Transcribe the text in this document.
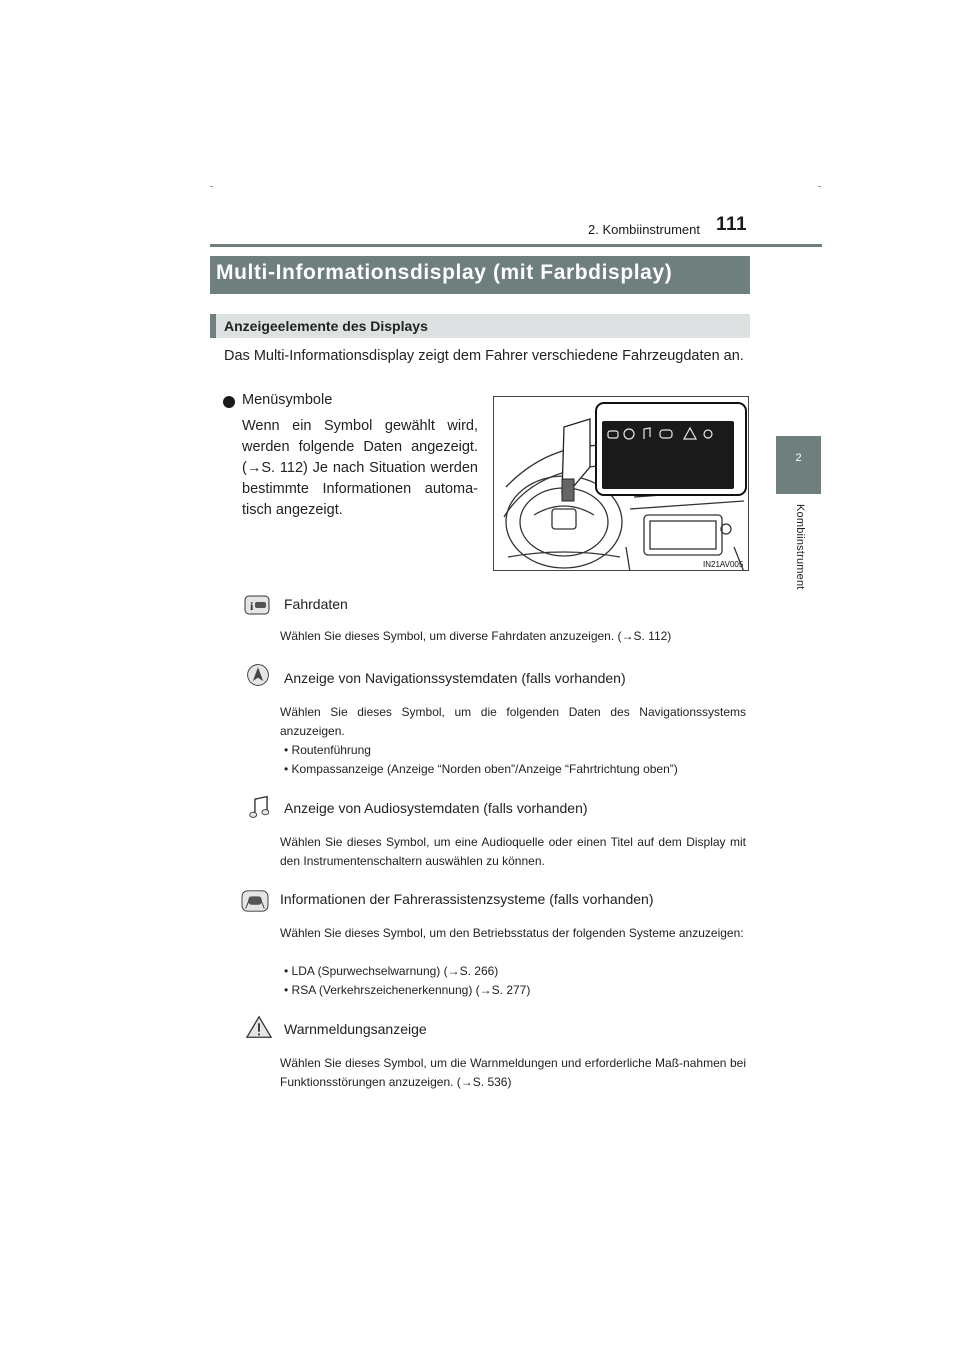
2. Kombiinstrument 111
2
Kombiinstrument
Multi-Informationsdisplay (mit Farbdisplay)
Anzeigeelemente des Displays
Das Multi-Informationsdisplay zeigt dem Fahrer verschiedene Fahrzeugdaten an.
Menüsymbole
Wenn ein Symbol gewählt wird, werden folgende Daten angezeigt. (→S. 112) Je nach Situation werden bestimmte Informationen automa-tisch angezeigt.
IN21AV005
i Fahrdaten
Wählen Sie dieses Symbol, um diverse Fahrdaten anzuzeigen. (→S. 112)
Anzeige von Navigationssystemdaten (falls vorhanden)
Wählen Sie dieses Symbol, um die folgenden Daten des Navigationssystems anzuzeigen.
• Routenführung
• Kompassanzeige (Anzeige “Norden oben”/Anzeige “Fahrtrichtung oben”)
Anzeige von Audiosystemdaten (falls vorhanden)
Wählen Sie dieses Symbol, um eine Audioquelle oder einen Titel auf dem Display mit den Instrumentenschaltern auswählen zu können.
Informationen der Fahrerassistenzsysteme (falls vorhanden)
Wählen Sie dieses Symbol, um den Betriebsstatus der folgenden Systeme anzuzeigen:
• LDA (Spurwechselwarnung) (→S. 266)
• RSA (Verkehrszeichenerkennung) (→S. 277)
Warnmeldungsanzeige
Wählen Sie dieses Symbol, um die Warnmeldungen und erforderliche Maß-nahmen bei Funktionsstörungen anzuzeigen. (→S. 536)
